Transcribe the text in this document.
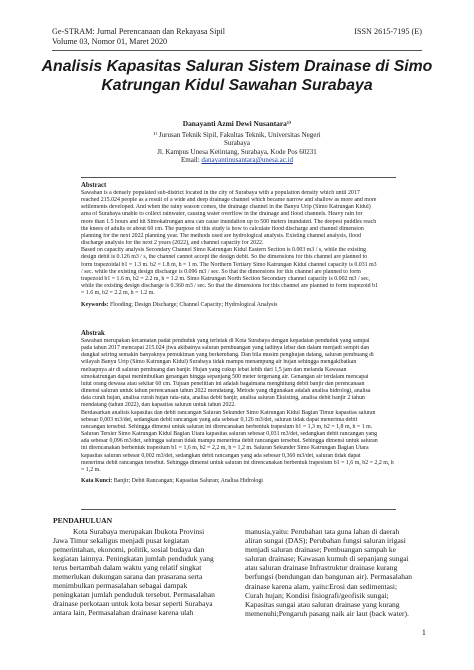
Ge-STRAM: Jurnal Perencanaan dan Rekayasa Sipil	ISSN 2615-7195 (E)
Volume 03, Nomor 01, Maret 2020
Analisis Kapasitas Saluran Sistem Drainase di Simo
Katrungan Kidul Sawahan Surabaya
Danayanti Azmi Dewi Nusantara¹⁾
¹⁾ Jurusan Teknik Sipil, Fakultas Teknik, Universitas Negeri
Surabaya
Jl. Kampus Unesa Ketintang, Surabaya, Kode Pos 60231
Email: danayantinusantara@unesa.ac.id
Abstract
Sawahan is a densely populated sub-district located in the city of Surabaya with a population density which until 2017
reached 215.024 people as a result of a wide and deep drainage channel which became narrow and shallow as more and more
settlements developed. And when the rainy season comes, the drainage channel in the Banyu Urip (Simo Katrungan Kidul)
area of Surabaya unable to collect rainwater, causing water overflow in the drainage and flood channels. Heavy rain for
more than 1.5 hours and hit Simokatrungan area can cause inundation up to 500 meters inundated. The deepest puddles reach
the knees of adults or about 60 cm. The purpose of this study is how to calculate flood discharge and channel dimension
planning for the next 2022 planning year. The methods used are hydrological analysis. Existing channel analysis, flood
discharge analysis for the next 2 years (2022), and channel capacity for 2022.
Based on capacity analysis Secondary Channel Simo Katrungan Kidul Eastern Section is 0.003 m3 / s, while the existing
design debit is 0.126 m3 / s, the channel cannot accept the design debit. So the dimensions for this channel are planned to
form trapezoidal b1 = 1.3 m. b2 = 1.8 m, h = 1 m. The Northern Tertiary Simo Katrungan Kidul channel capacity is 0.031 m3
/ sec. while the existing design discharge is 0.096 m3 / sec. So that the dimensions for this channel are planned to form
trapezoid b1 = 1.6 m, b2 = 2.2 m, h = 1.2 m. Simo Katrungan North Section Secondary channel capacity is 0.002 m3 / sec,
while the existing design discharge is 0.360 m3 / sec. So that the dimensions for this channel are planned to form trapezoid b1
= 1.6 m, b2 = 2.2 m, h = 1.2 m.
Keywords: Flooding; Design Discharge; Channel Capacity; Hydrological Analysis
Abstrak
Sawahan merupakan kecamatan padat penduduk yang terletak di Kota Surabaya dengan kepadatan penduduk yang sampai
pada tahun 2017 mencapai 215.024 jiwa akibatnya saluran pembuangan yang tadinya lebar dan dalam menjadi sempit dan
dangkal seiring semakin banyaknya pemukiman yang berkembang. Dan bila musim penghujan datang, saluran pembuang di
wilayah Banyu Urip (Simo Katrungan Kidul) Surabaya tidak mampu menampung air hujan sehingga mengakibatkan
meluapnya air di saluran pembuang dan banjir. Hujan yang cukup lebat lebih dari 1,5 jam dan melanda Kawasan
simokatrungan dapat menimbulkan genangan hingga sepanjang 500 meter tergenang air. Genangan air terdalam mencapai
lutut orang dewasa atau sekitar 60 cm. Tujuan penelitian ini adalah bagaimana menghitung debit banjir dan perencanaan
dimensi saluran untuk tahun perencanaan tahun 2022 mendatang. Metode yang digunakan adalah analisa hidrologi, analisa
data curah hujan, analisa curah hujan rata-rata, analisa debit banjir, analisa saluran Eksisting, analisa debit banjir 2 tahun
mendatang (tahun 2022), dan kapasitas saluran untuk tahun 2022.
Berdasarkan analisis kapasitas dan debit rancangan Saluran Sekunder Simo Katrungan Kidul Bagian Timur kapasitas saluran
sebesar 0,003 m3/det, sedangkan debit rancangan yang ada sebesar 0,126 m3/det, saluran tidak dapat menerima debit
rancangan tersebut. Sehingga dimensi untuk saluran ini direncanakan berbentuk trapesium b1 = 1,3 m, b2 = 1,8 m, h = 1 m.
Saluran Tersier Simo Katrungan Kidul Bagian Utara kapasitas saluran sebesar 0,031 m3/det, sedangkan debit rancangan yang
ada sebesar 0,096 m3/det, sehingga saluran tidak mampu menerima debit rancangan tersebut. Sehingga dimensi untuk saluran
ini direncanakan berbentuk trapesium b1 = 1,6 m, b2 = 2,2 m, h = 1,2 m. Saluran Sekunder Simo Katrungan Bagian Utara
kapasitas saluran sebesar 0,002 m3/det, sedangkan debit rancangan yang ada sebesar 0,360 m3/det, saluran tidak dapat
menerima debit rancangan tersebut. Sehingga dimensi untuk saluran ini direncanakan berbentuk trapesium b1 = 1,6 m, b2 = 2,2 m, h
= 1,2 m.
Kata Kunci: Banjir; Debit Rancangan; Kapasitas Saluran; Analisa Hidrologi
PENDAHULUAN
Kota Surabaya merupakan Ibukota Provinsi
Jawa Timur sekaligus menjadi pusat kegiatan
pemerintahan, ekonomi, politik, sosial budaya dan
kegiatan lainnya. Peningkatan jumlah penduduk yang
terus bertambah dalam waktu yang relatif singkat
memerlukan dukungan sarana dan prasarana serta
menimbulkan permasalahan sebagai dampak
peningkatan jumlah penduduk tersebut. Permasalahan
drainase perkotaan untuk kota besar seperti Surabaya
antara lain, Permasalahan drainase karena ulah
manusia,yaitu: Perubahan tata guna lahan di daerah
aliran sungai (DAS); Perubahan fungsi saluran irigasi
menjadi saluran drainase; Pembuangan sampah ke
saluran drainase; Kawasan kumuh di sepanjang sungai
atau saluran drainase Infrastruktur drainase kurang
berfungsi (bendungan dan bangunan air). Permasalahan
drainase karena alam, yaitu:Erosi dan sedimentasi;
Curah hujan; Kondisi fisiografi/geofisik sungai;
Kapasitas sungai atau saluran drainase yang kurang
memenuhi;Pengaruh pasang naik air laut (back water).
1
